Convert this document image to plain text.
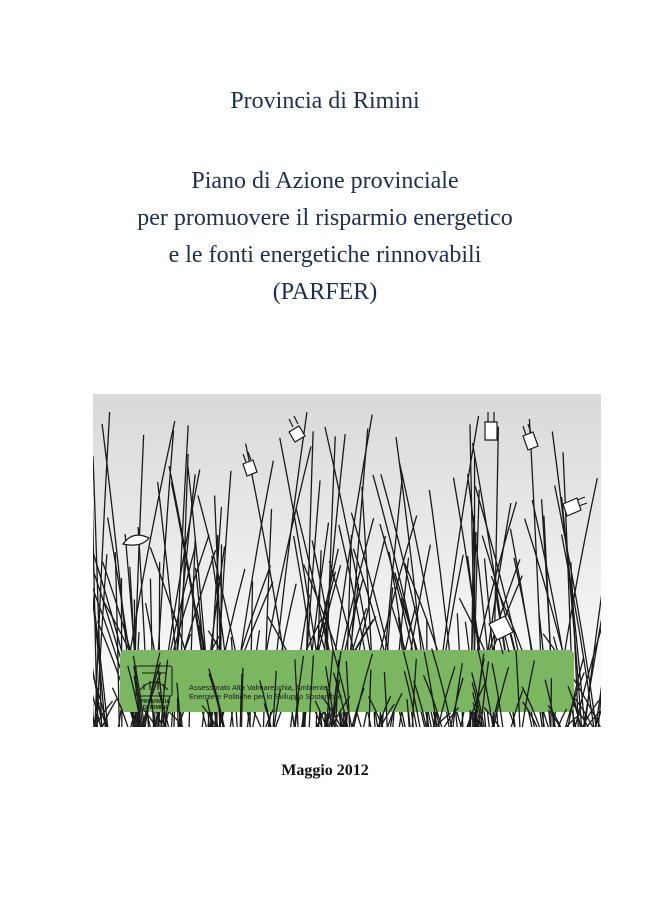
Provincia di Rimini
Piano di Azione provinciale
per promuovere il risparmio energetico
e le fonti energetiche rinnovabili
(PARFER)
PROVINCIA
DI RIMINI
Assessorato Alta Valmarecchia, Ambiente,
Energie e Politiche per lo Sviluppo Sostenibile
Maggio 2012
